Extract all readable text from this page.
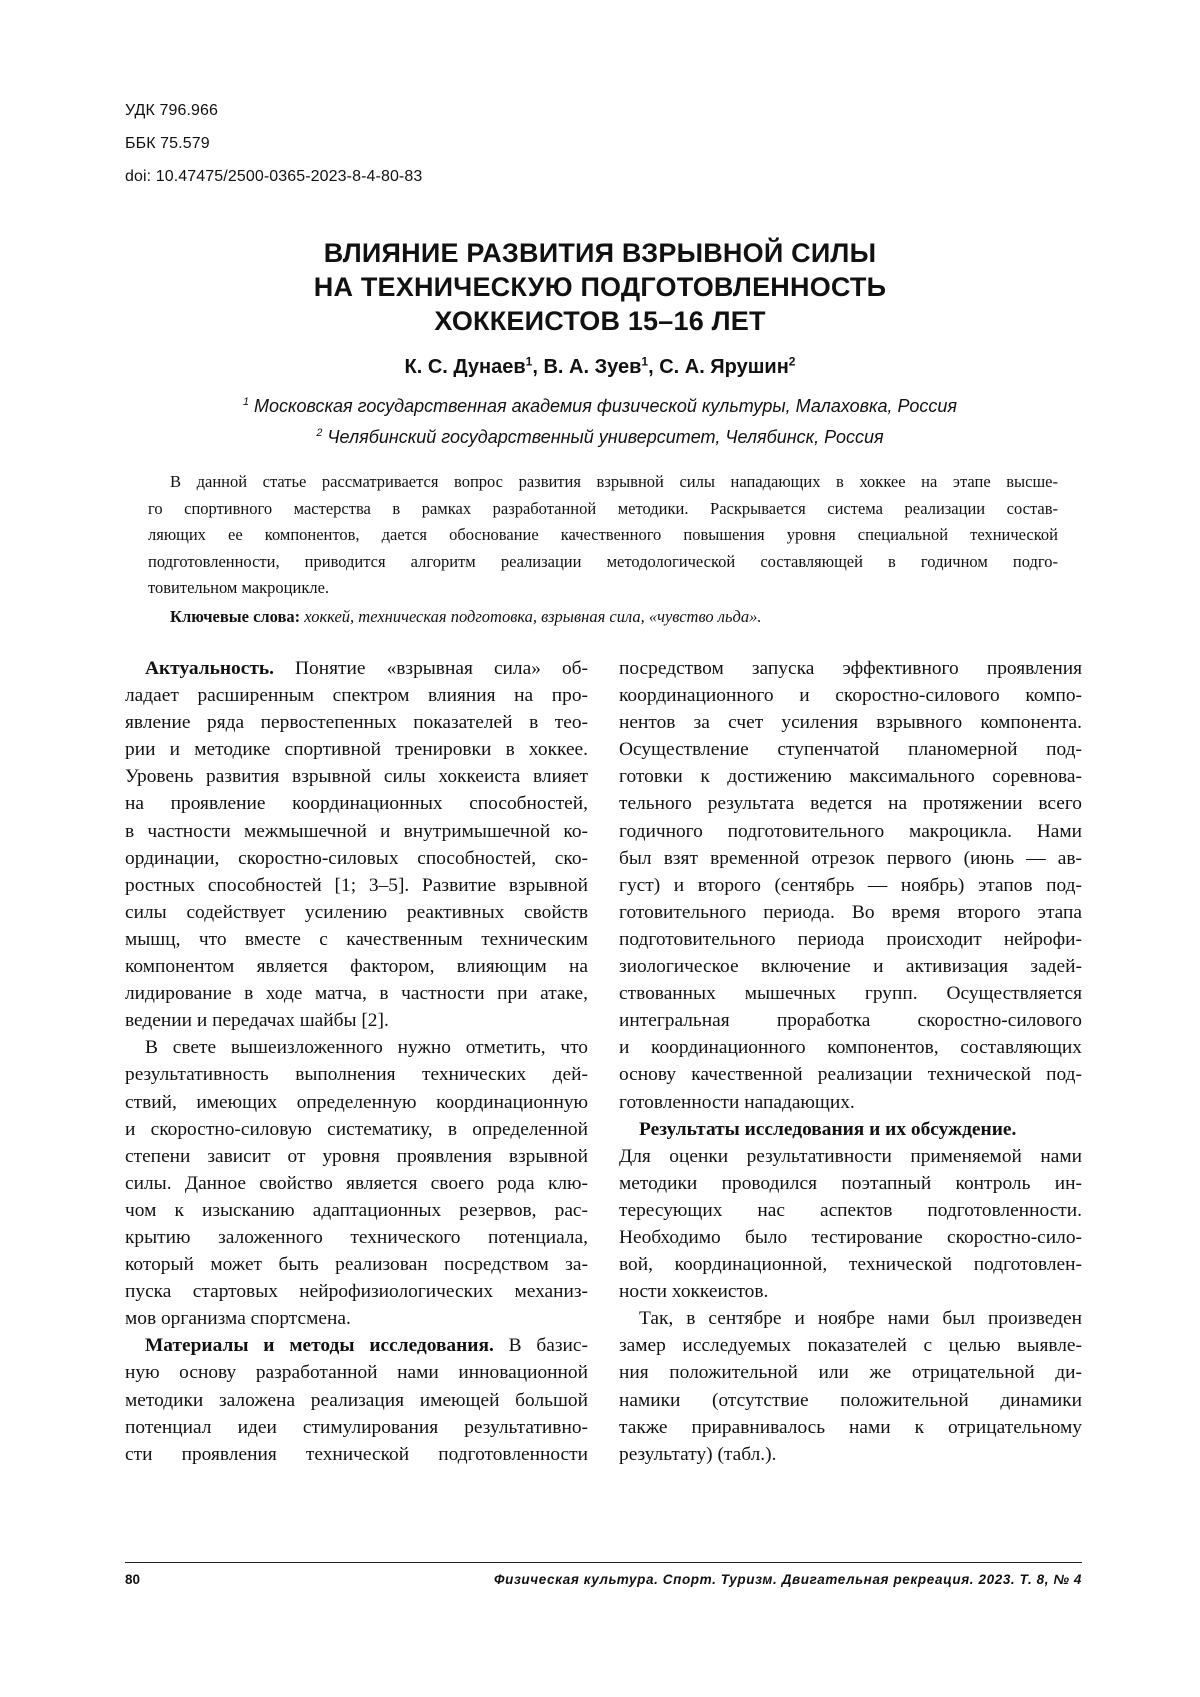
УДК 796.966
ББК 75.579
doi: 10.47475/2500-0365-2023-8-4-80-83
ВЛИЯНИЕ РАЗВИТИЯ ВЗРЫВНОЙ СИЛЫ
НА ТЕХНИЧЕСКУЮ ПОДГОТОВЛЕННОСТЬ
ХОККЕИСТОВ 15–16 ЛЕТ
К. С. Дунаев$^1$, В. А. Зуев$^1$, С. А. Ярушин$^2$
$^1$ Московская государственная академия физической культуры, Малаховка, Россия
$^2$ Челябинский государственный университет, Челябинск, Россия
В данной статье рассматривается вопрос развития взрывной силы нападающих в хоккее на этапе высше-
го спортивного мастерства в рамках разработанной методики. Раскрывается система реализации состав-
ляющих ее компонентов, дается обоснование качественного повышения уровня специальной технической
подготовленности, приводится алгоритм реализации методологической составляющей в годичном подго-
товительном макроцикле.
Ключевые слова: хоккей, техническая подготовка, взрывная сила, «чувство льда».
Актуальность. Понятие «взрывная сила» об-
ладает расширенным спектром влияния на про-
явление ряда первостепенных показателей в тео-
рии и методике спортивной тренировки в хоккее.
Уровень развития взрывной силы хоккеиста влияет
на проявление координационных способностей,
в частности межмышечной и внутримышечной ко-
ординации, скоростно-силовых способностей, ско-
ростных способностей [1; 3–5]. Развитие взрывной
силы содействует усилению реактивных свойств
мышц, что вместе с качественным техническим
компонентом является фактором, влияющим на
лидирование в ходе матча, в частности при атаке,
ведении и передачах шайбы [2].
В свете вышеизложенного нужно отметить, что
результативность выполнения технических дей-
ствий, имеющих определенную координационную
и скоростно-силовую систематику, в определенной
степени зависит от уровня проявления взрывной
силы. Данное свойство является своего рода клю-
чом к изысканию адаптационных резервов, рас-
крытию заложенного технического потенциала,
который может быть реализован посредством за-
пуска стартовых нейрофизиологических механиз-
мов организма спортсмена.
Материалы и методы исследования. В базис-
ную основу разработанной нами инновационной
методики заложена реализация имеющей большой
потенциал идеи стимулирования результативно-
сти проявления технической подготовленности
посредством запуска эффективного проявления
координационного и скоростно-силового компо-
нентов за счет усиления взрывного компонента.
Осуществление ступенчатой планомерной под-
готовки к достижению максимального соревнова-
тельного результата ведется на протяжении всего
годичного подготовительного макроцикла. Нами
был взят временной отрезок первого (июнь — ав-
густ) и второго (сентябрь — ноябрь) этапов под-
готовительного периода. Во время второго этапа
подготовительного периода происходит нейрофи-
зиологическое включение и активизация задей-
ствованных мышечных групп. Осуществляется
интегральная проработка скоростно-силового
и координационного компонентов, составляющих
основу качественной реализации технической под-
готовленности нападающих.
Результаты исследования и их обсуждение.
Для оценки результативности применяемой нами
методики проводился поэтапный контроль ин-
тересующих нас аспектов подготовленности.
Необходимо было тестирование скоростно-сило-
вой, координационной, технической подготовлен-
ности хоккеистов.
Так, в сентябре и ноябре нами был произведен
замер исследуемых показателей с целью выявле-
ния положительной или же отрицательной ди-
намики (отсутствие положительной динамики
также приравнивалось нами к отрицательному
результату) (табл.).
80	Физическая культура. Спорт. Туризм. Двигательная рекреация. 2023. Т. 8, № 4
